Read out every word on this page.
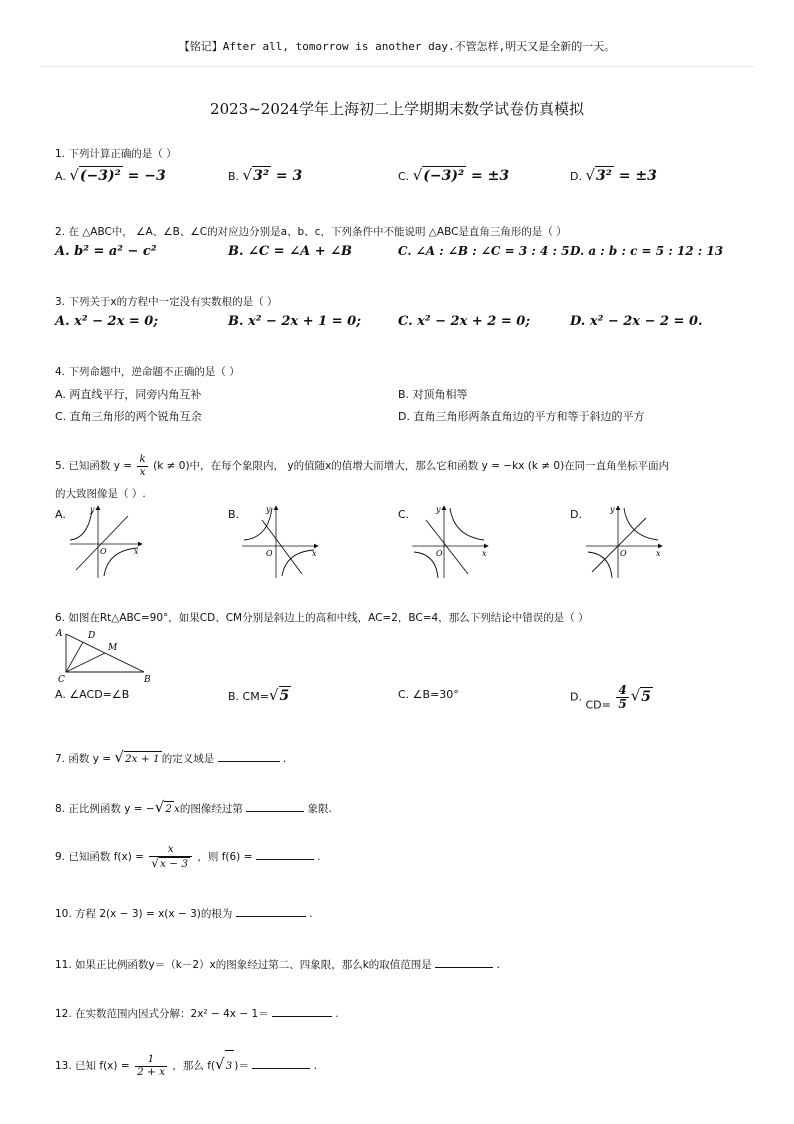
【铭记】After all, tomorrow is another day.不管怎样,明天又是全新的一天。
2023~2024学年上海初二上学期期末数学试卷仿真模拟
1. 下列计算正确的是（ ）
A. √(−3)² = −3	B. √3² = 3	C. √(−3)² = ±3	D. √3² = ±3
2. 在 △ABC中， ∠A、∠B、∠C的对应边分别是a、b、c，下列条件中不能说明 △ABC是直角三角形的是（ ）
A. b² = a² − c²	B. ∠C = ∠A + ∠B	C. ∠A : ∠B : ∠C = 3 : 4 : 5 D. a : b : c = 5 : 12 : 13
3. 下列关于x的方程中一定没有实数根的是（ ）
A. x² − 2x = 0;	B. x² − 2x + 1 = 0;	C. x² − 2x + 2 = 0;	D. x² − 2x − 2 = 0.
4. 下列命题中，逆命题不正确的是（ ）
A. 两直线平行，同旁内角互补	B. 对顶角相等
C. 直角三角形的两个锐角互余	D. 直角三角形两条直角边的平方和等于斜边的平方
5. 已知函数 $y = \frac{k}{x} (k \ne 0)$中，在每个象限内， y的值随x的值增大而增大，那么它和函数 y = −kx (k ≠ 0)在同一直角坐标平面内
的大致图像是（ ）.
A.	B.	C.	D.
x
y
O	x
y
O	x
y
O	x
y
O
6. 如图在Rt△ABC=90°，如果CD、CM分别是斜边上的高和中线，AC=2，BC=4，那么下列结论中错误的是（ ）
A	D
M
C	B
A. ∠ACD=∠B	B. CM=√5	C. ∠B=30°	D. $CD= \frac{4}{5} √5$
7. 函数 y = √2x + 1 的定义域是	.
8. 正比例函数 y = −√2 x的图像经过第	象限.
9. 已知函数 $f(x) = \frac{x}{√x - 3}$ ，则 f(6) =	.
10. 方程 2(x − 3) = x(x − 3)的根为	.
11. 如果正比例函数y＝（k－2）x的图象经过第二、四象限，那么k的取值范围是	.
12. 在实数范围内因式分解：2x² − 4x − 1＝	.
13. 已知 $f(x) = \frac{1}{2 + x}$ ，那么 f(√3 )＝	.
